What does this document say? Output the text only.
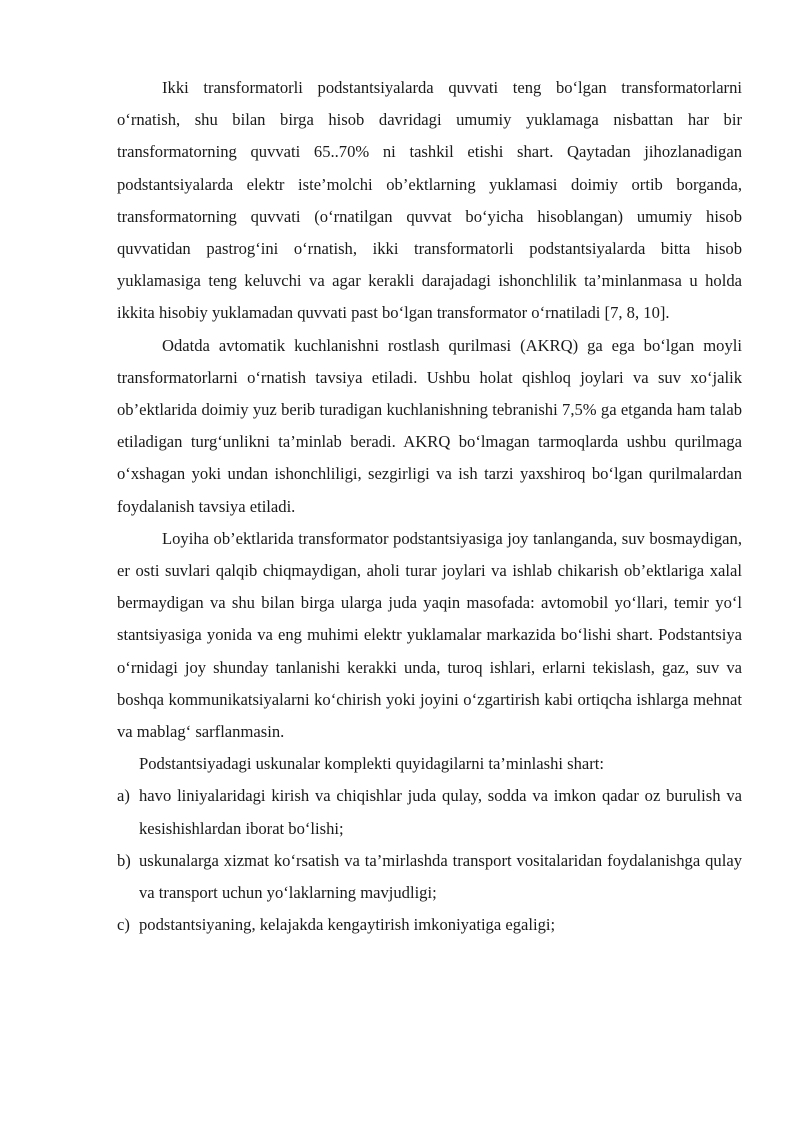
Ikki transformatorli podstantsiyalarda quvvati teng bo‘lgan transformatorlarni o‘rnatish, shu bilan birga hisob davridagi umumiy yuklamaga nisbattan har bir transformatorning quvvati 65..70% ni tashkil etishi shart. Qaytadan jihozlanadigan podstantsiyalarda elektr iste’molchi ob’ektlarning yuklamasi doimiy ortib borganda, transformatorning quvvati (o‘rnatilgan quvvat bo‘yicha hisoblangan) umumiy hisob quvvatidan pastrog‘ini o‘rnatish, ikki transformatorli podstantsiyalarda bitta hisob yuklamasiga teng keluvchi va agar kerakli darajadagi ishonchlilik ta’minlanmasa u holda ikkita hisobiy yuklamadan quvvati past bo‘lgan transformator o‘rnatiladi [7, 8, 10].

Odatda avtomatik kuchlanishni rostlash qurilmasi (AKRQ) ga ega bo‘lgan moyli transformatorlarni o‘rnatish tavsiya etiladi. Ushbu holat qishloq joylari va suv xo‘jalik ob’ektlarida doimiy yuz berib turadigan kuchlanishning tebranishi 7,5% ga etganda ham talab etiladigan turg‘unlikni ta’minlab beradi. AKRQ bo‘lmagan tarmoqlarda ushbu qurilmaga o‘xshagan yoki undan ishonchliligi, sezgirligi va ish tarzi yaxshiroq bo‘lgan qurilmalardan foydalanish tavsiya etiladi.

Loyiha ob’ektlarida transformator podstantsiyasiga joy tanlanganda, suv bosmaydigan, er osti suvlari qalqib chiqmaydigan, aholi turar joylari va ishlab chikarish ob’ektlariga xalal bermaydigan va shu bilan birga ularga juda yaqin masofada: avtomobil yo‘llari, temir yo‘l stantsiyasiga yonida va eng muhimi elektr yuklamalar markazida bo‘lishi shart. Podstantsiya o‘rnidagi joy shunday tanlanishi kerakki unda, turoq ishlari, erlarni tekislash, gaz, suv va boshqa kommunikatsiyalarni ko‘chirish yoki joyini o‘zgartirish kabi ortiqcha ishlarga mehnat va mablag‘ sarflanmasin.

Podstantsiyadagi uskunalar komplekti quyidagilarni ta’minlashi shart:

a) havo liniyalaridagi kirish va chiqishlar juda qulay, sodda va imkon qadar oz burulish va kesishishlardan iborat bo‘lishi;
b) uskunalarga xizmat ko‘rsatish va ta’mirlashda transport vositalaridan foydalanishga qulay va transport uchun yo‘laklarning mavjudligi;
c) podstantsiyaning, kelajakda kengaytirish imkoniyatiga egaligi;
